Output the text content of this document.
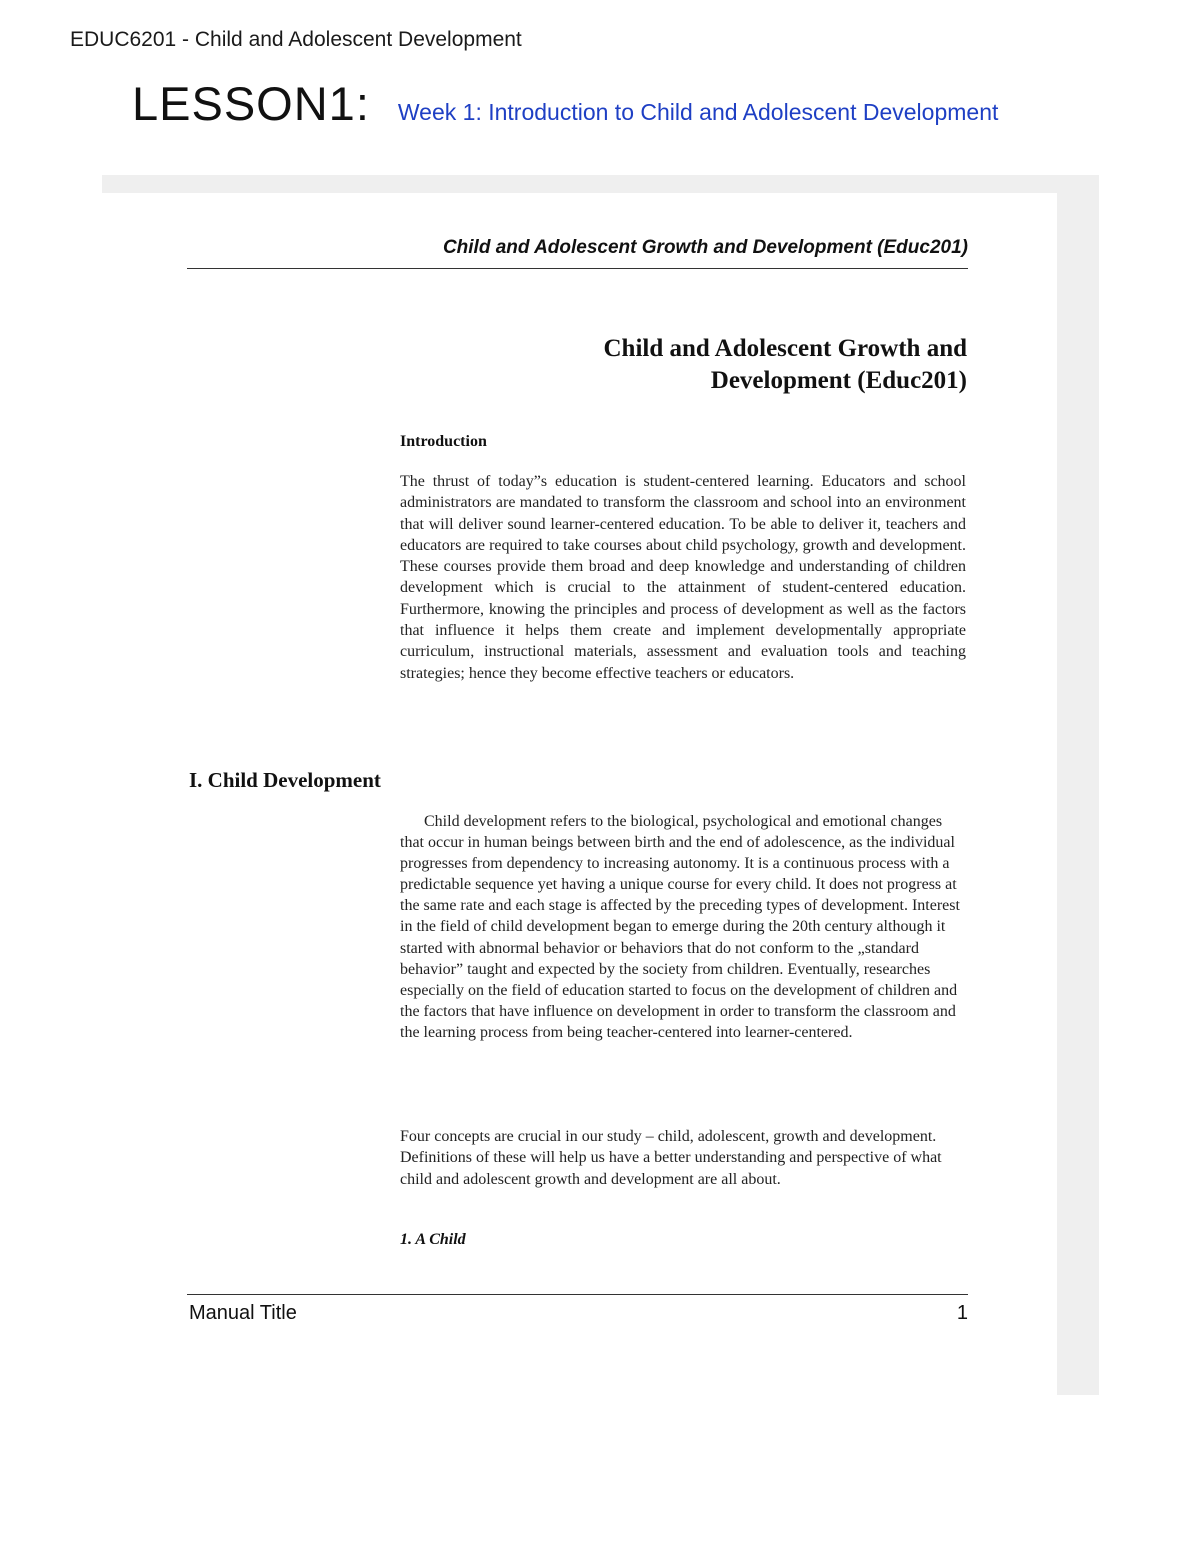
EDUC6201 - Child and Adolescent Development
LESSON1: Week 1: Introduction to Child and Adolescent Development
Child and Adolescent Growth and Development (Educ201)
Child and Adolescent Growth and
Development (Educ201)
Introduction

The thrust of today”s education is student-centered learning. Educators and school administrators are mandated to transform the classroom and school into an environment that will deliver sound learner-centered education. To be able to deliver it, teachers and educators are required to take courses about child psychology, growth and development. These courses provide them broad and deep knowledge and understanding of children development which is crucial to the attainment of student-centered education. Furthermore, knowing the principles and process of development as well as the factors that influence it helps them create and implement developmentally appropriate curriculum, instructional materials, assessment and evaluation tools and teaching strategies; hence they become effective teachers or educators.

I. Child Development

Child development refers to the biological, psychological and emotional changes that occur in human beings between birth and the end of adolescence, as the individual progresses from dependency to increasing autonomy. It is a continuous process with a predictable sequence yet having a unique course for every child. It does not progress at the same rate and each stage is affected by the preceding types of development. Interest in the field of child development began to emerge during the 20th century although it started with abnormal behavior or behaviors that do not conform to the „standard behavior” taught and expected by the society from children. Eventually, researches especially on the field of education started to focus on the development of children and the factors that have influence on development in order to transform the classroom and the learning process from being teacher-centered into learner-centered.

Four concepts are crucial in our study – child, adolescent, growth and development. Definitions of these will help us have a better understanding and perspective of what child and adolescent growth and development are all about.

1. A Child
Manual Title	1
